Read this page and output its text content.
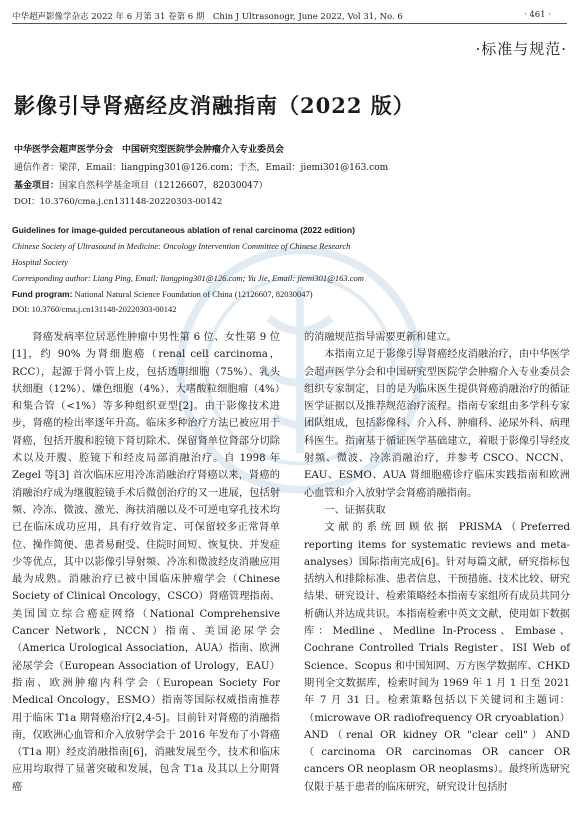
中华超声影像学杂志 2022 年 6 月第 31 卷第 6 期　Chin J Ultrasonogr, June 2022, Vol 31, No. 6	· 461 ·
·标准与规范·
影像引导肾癌经皮消融指南（2022 版）
中华医学会超声医学分会　中国研究型医院学会肿瘤介入专业委员会
通信作者：梁萍，Email：liangping301@126.com；于杰，Email：jiemi301@163.com
基金项目：国家自然科学基金项目（12126607，82030047）
DOI：10.3760/cma.j.cn131148-20220303-00142
Guidelines for image-guided percutaneous ablation of renal carcinoma (2022 edition)
Chinese Society of Ultrasound in Medicine: Oncology Intervention Committee of Chinese Research
Hospital Society
Corresponding author: Liang Ping, Email: liangping301@126.com; Yu Jie, Email: jiemi301@163.com
Fund program: National Natural Science Foundation of China (12126607, 82030047)
DOI: 10.3760/cma.j.cn131148-20220303-00142

肾癌发病率位居恶性肿瘤中男性第 6 位、女性第 9 位[1]，约 90% 为肾细胞癌（renal cell carcinoma，RCC），起源于肾小管上皮，包括透明细胞（75%）、乳头状细胞（12%）、嫌色细胞（4%）、大嗜酸粒细胞瘤（4%）和集合管（<1%）等多种组织亚型[2]。由于影像技术进步，肾癌的检出率逐年升高。临床多种治疗方法已被应用于肾癌，包括开腹和腔镜下肾切除术、保留肾单位肾部分切除术以及开腹、腔镜下和经皮局部消融治疗。自 1998 年 Zegel 等[3] 首次临床应用冷冻消融治疗肾癌以来，肾癌的消融治疗成为继腹腔镜手术后微创治疗的又一进展，包括射频、冷冻、微波、激光、海扶消融以及不可逆电穿孔技术均已在临床成功应用，具有疗效肯定、可保留较多正常肾单位、操作简便、患者易耐受、住院时间短、恢复快、并发症少等优点，其中以影像引导射频、冷冻和微波经皮消融应用最为成熟。消融治疗已被中国临床肿瘤学会（Chinese Society of Clinical Oncology，CSCO）肾癌管理指南、美国国立综合癌症网络（National Comprehensive Cancer Network，NCCN）指南、美国泌尿学会（America Urological Association，AUA）指南、欧洲泌尿学会（European Association of Urology，EAU）指南、欧洲肿瘤内科学会（European Society For Medical Oncology，ESMO）指南等国际权威指南推荐用于临床 T1a 期肾癌治疗[2,4-5]。目前针对肾癌的消融指南，仅欧洲心血管和介入放射学会于 2016 年发布了小肾癌（T1a 期）经皮消融指南[6]，消融发展至今，技术和临床应用均取得了显著突破和发展，包含 T1a 及其以上分期肾癌

的消融规范指导需要更新和建立。

本指南立足于影像引导肾癌经皮消融治疗，由中华医学会超声医学分会和中国研究型医院学会肿瘤介入专业委员会组织专家制定，目的是为临床医生提供肾癌消融治疗的循证医学证据以及推荐规范治疗流程。指南专家组由多学科专家团队组成，包括影像科、介入科、肿瘤科、泌尿外科、病理科医生。指南基于循证医学基础建立，着眼于影像引导经皮射频、微波、冷冻消融治疗，并参考 CSCO、NCCN、EAU、ESMO、AUA 肾细胞癌诊疗临床实践指南和欧洲心血管和介入放射学会肾癌消融指南。

一、证据获取

文献的系统回顾依据 PRISMA（Preferred reporting items for systematic reviews and meta-analyses）国际指南完成[6]。针对每篇文献，研究指标包括纳入和排除标准、患者信息、干预措施、技术比较、研究结果、研究设计、检索策略经本指南专家组所有成员共同分析确认并达成共识。本指南检索中英文文献，使用如下数据库：Medline、Medline In-Process、Embase、Cochrane Controlled Trials Register、ISI Web of Science、Scopus 和中国知网、万方医学数据库、CHKD 期刊全文数据库，检索时间为 1969 年 1 月 1 日至 2021 年 7 月 31 日。检索策略包括以下关键词和主题词：（microwave OR radiofrequency OR cryoablation）AND（renal OR kidney OR "clear cell"）AND（carcinoma OR carcinomas OR cancer OR cancers OR neoplasm OR neoplasms）。最终所选研究仅限于基于患者的临床研究，研究设计包括肘
